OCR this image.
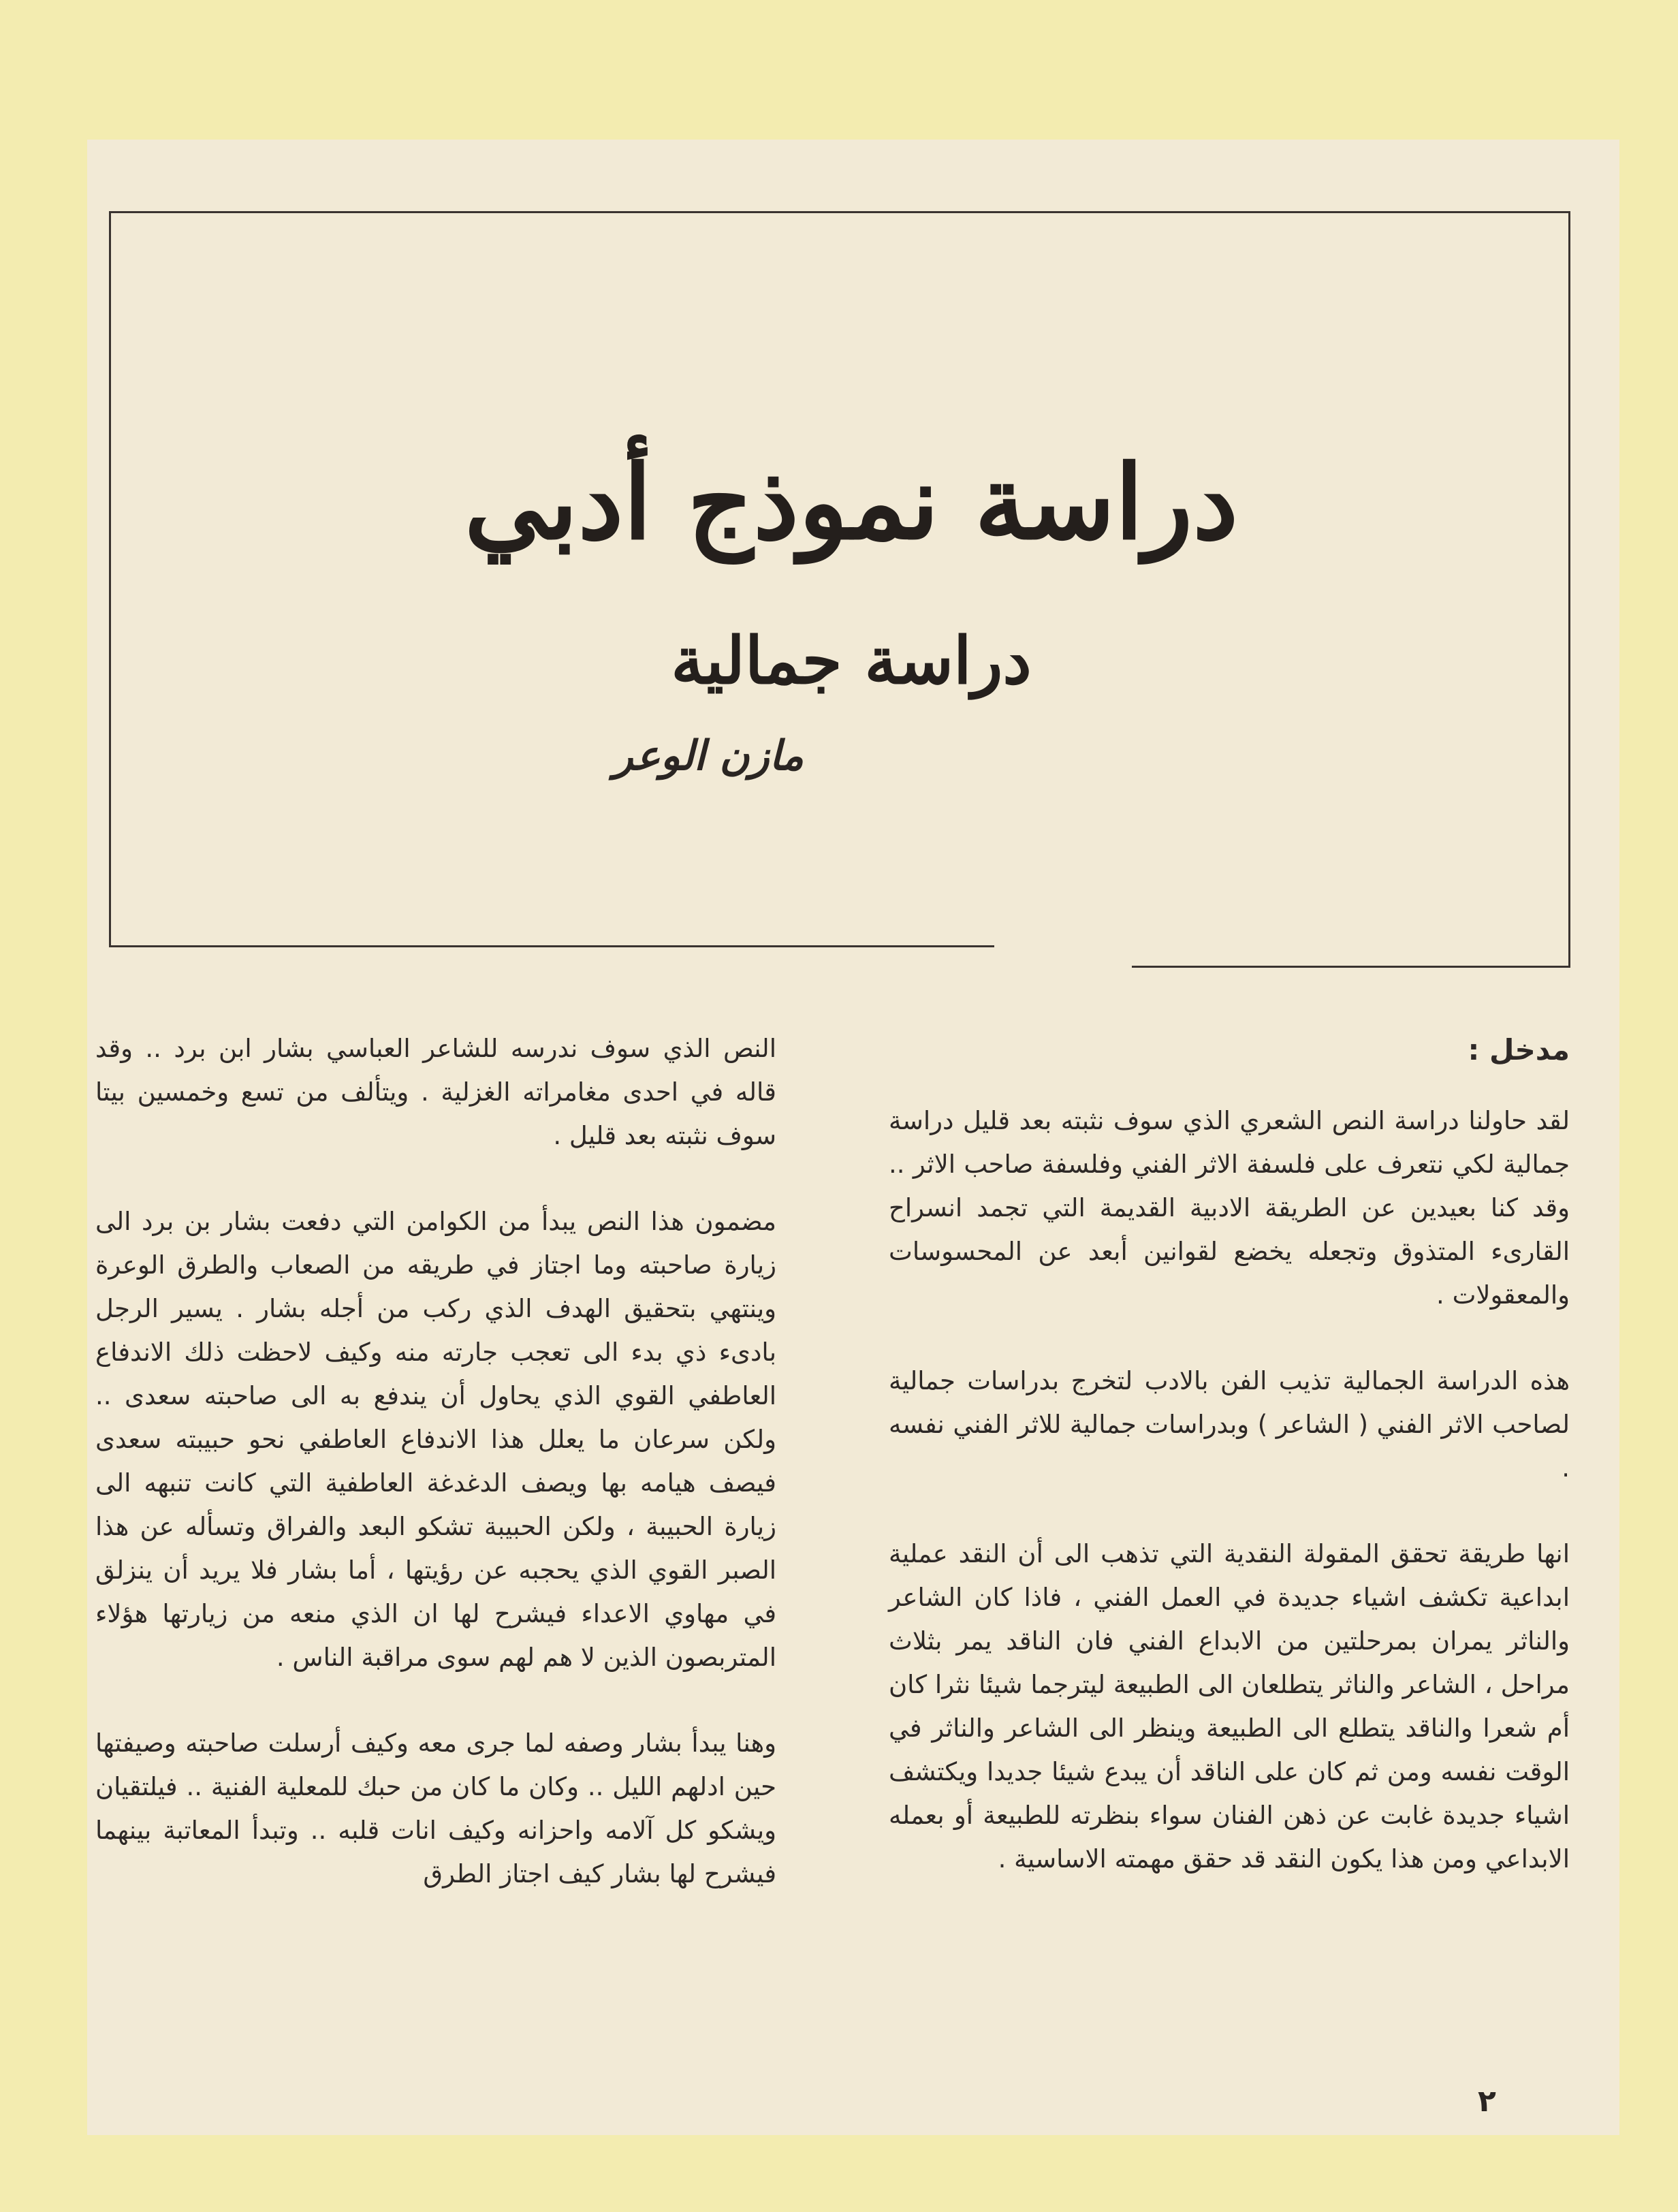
دراسة نموذج أدبي
دراسة جمالية
مازن الوعر

مدخل :

لقد حاولنا دراسة النص الشعري الذي سوف نثبته بعد قليل دراسة جمالية لكي نتعرف على فلسفة الاثر الفني وفلسفة صاحب الاثر .. وقد كنا بعيدين عن الطريقة الادبية القديمة التي تجمد انسراح القارىء المتذوق وتجعله يخضع لقوانين أبعد عن المحسوسات والمعقولات .

هذه الدراسة الجمالية تذيب الفن بالادب لتخرج بدراسات جمالية لصاحب الاثر الفني ( الشاعر ) وبدراسات جمالية للاثر الفني نفسه .

انها طريقة تحقق المقولة النقدية التي تذهب الى أن النقد عملية ابداعية تكشف اشياء جديدة في العمل الفني ، فاذا كان الشاعر والناثر يمران بمرحلتين من الابداع الفني فان الناقد يمر بثلاث مراحل ، الشاعر والناثر يتطلعان الى الطبيعة ليترجما شيئا نثرا كان أم شعرا والناقد يتطلع الى الطبيعة وينظر الى الشاعر والناثر في الوقت نفسه ومن ثم كان على الناقد أن يبدع شيئا جديدا ويكتشف اشياء جديدة غابت عن ذهن الفنان سواء بنظرته للطبيعة أو بعمله الابداعي ومن هذا يكون النقد قد حقق مهمته الاساسية .

النص الذي سوف ندرسه للشاعر العباسي بشار ابن برد .. وقد قاله في احدى مغامراته الغزلية . ويتألف من تسع وخمسين بيتا سوف نثبته بعد قليل .

مضمون هذا النص يبدأ من الكوامن التي دفعت بشار بن برد الى زيارة صاحبته وما اجتاز في طريقه من الصعاب والطرق الوعرة وينتهي بتحقيق الهدف الذي ركب من أجله بشار . يسير الرجل بادىء ذي بدء الى تعجب جارته منه وكيف لاحظت ذلك الاندفاع العاطفي القوي الذي يحاول أن يندفع به الى صاحبته سعدى .. ولكن سرعان ما يعلل هذا الاندفاع العاطفي نحو حبيبته سعدى فيصف هيامه بها ويصف الدغدغة العاطفية التي كانت تنبهه الى زيارة الحبيبة ، ولكن الحبيبة تشكو البعد والفراق وتسأله عن هذا الصبر القوي الذي يحجبه عن رؤيتها ، أما بشار فلا يريد أن ينزلق في مهاوي الاعداء فيشرح لها ان الذي منعه من زيارتها هؤلاء المتربصون الذين لا هم لهم سوى مراقبة الناس .

وهنا يبدأ بشار وصفه لما جرى معه وكيف أرسلت صاحبته وصيفتها حين ادلهم الليل .. وكان ما كان من حبك للمعلية الفنية .. فيلتقيان ويشكو كل آلامه واحزانه وكيف انات قلبه .. وتبدأ المعاتبة بينهما فيشرح لها بشار كيف اجتاز الطرق

٢
